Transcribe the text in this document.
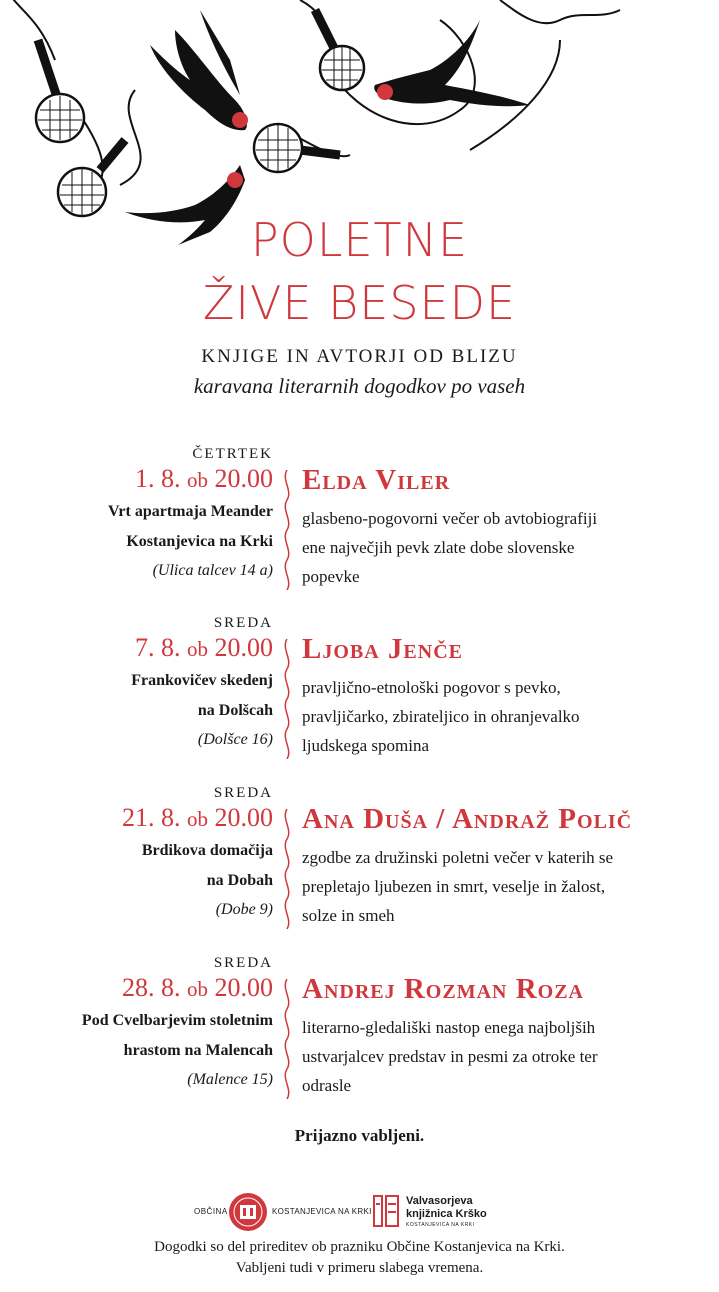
POLETNE
ŽIVE BESEDE
KNJIGE IN AVTORJI OD BLIZU
karavana literarnih dogodkov po vaseh
ČETRTEK
1. 8. ob 20.00
Vrt apartmaja Meander
Kostanjevica na Krki
(Ulica talcev 14 a)
Elda Viler
glasbeno-pogovorni večer ob avtobiografiji
ene največjih pevk zlate dobe slovenske
popevke
SREDA
7. 8. ob 20.00
Frankovičev skedenj
na Dolšcah
(Dolšce 16)
Ljoba Jenče
pravljično-etnološki pogovor s pevko,
pravljičarko, zbirateljico in ohranjevalko
ljudskega spomina
SREDA
21. 8. ob 20.00
Brdikova domačija
na Dobah
(Dobe 9)
Ana Duša / Andraž Polič
zgodbe za družinski poletni večer v katerih se
prepletajo ljubezen in smrt, veselje in žalost,
solze in smeh
SREDA
28. 8. ob 20.00
Pod Cvelbarjevim stoletnim
hrastom na Malencah
(Malence 15)
Andrej Rozman Roza
literarno-gledališki nastop enega najboljših
ustvarjalcev predstav in pesmi za otroke ter
odrasle
Prijazno vabljeni.
OBČINA	KOSTANJEVICA NA KRKI
Valvasorjeva
knjižnica Krško
KOSTANJEVICA NA KRKI
Dogodki so del prireditev ob prazniku Občine Kostanjevica na Krki.
Vabljeni tudi v primeru slabega vremena.
